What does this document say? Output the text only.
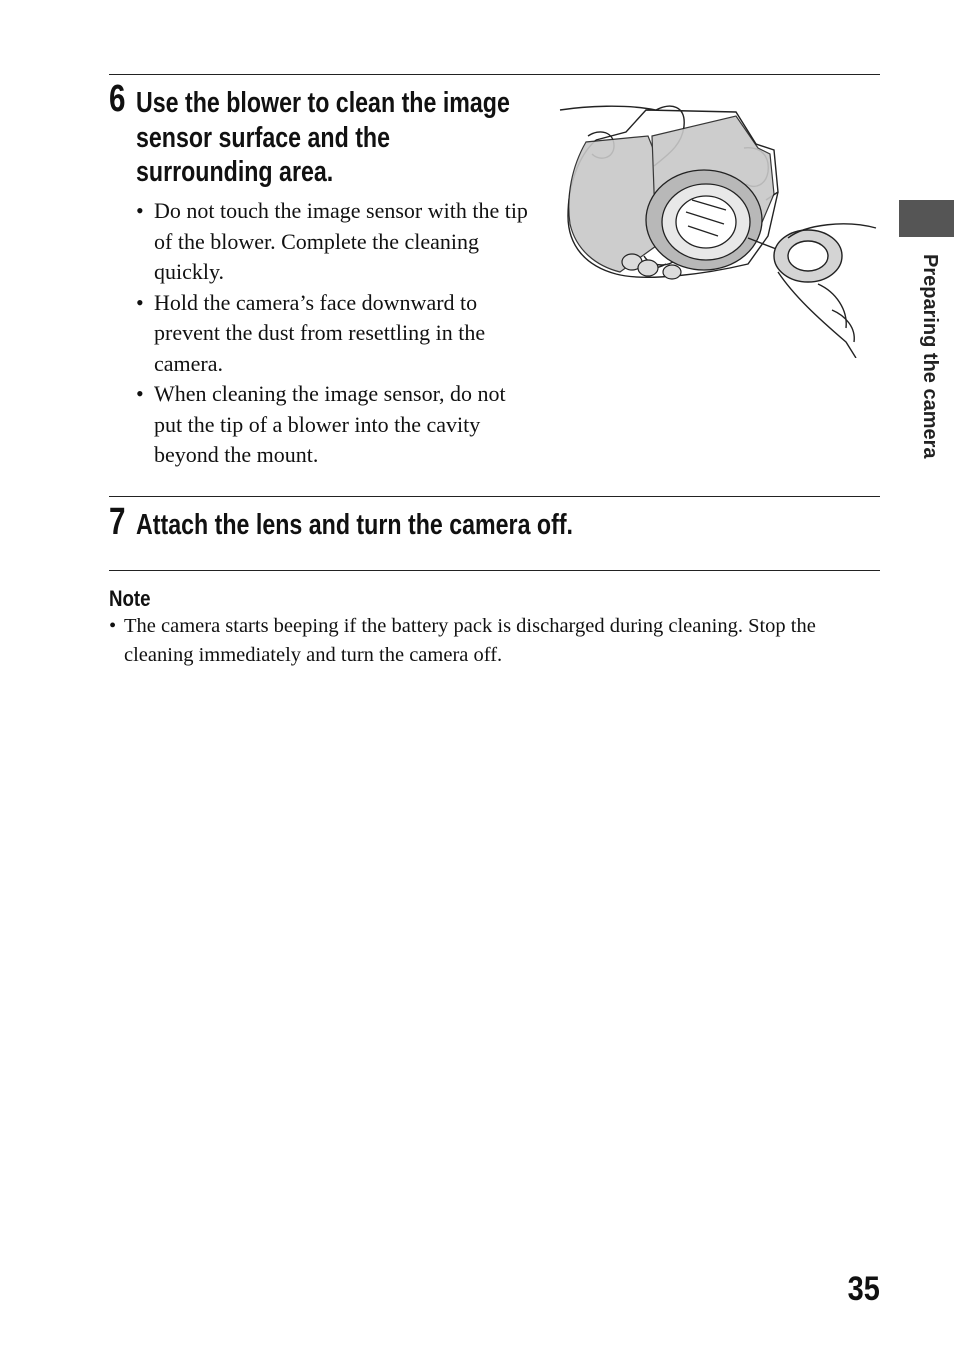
6 Use the blower to clean the image
sensor surface and the
surrounding area.
• Do not touch the image sensor with the tip of the blower. Complete the cleaning quickly.
• Hold the camera’s face downward to prevent the dust from resettling in the camera.
• When cleaning the image sensor, do not put the tip of a blower into the cavity beyond the mount.
7 Attach the lens and turn the camera off.
Note
• The camera starts beeping if the battery pack is discharged during cleaning. Stop the cleaning immediately and turn the camera off.
Preparing the camera
35
